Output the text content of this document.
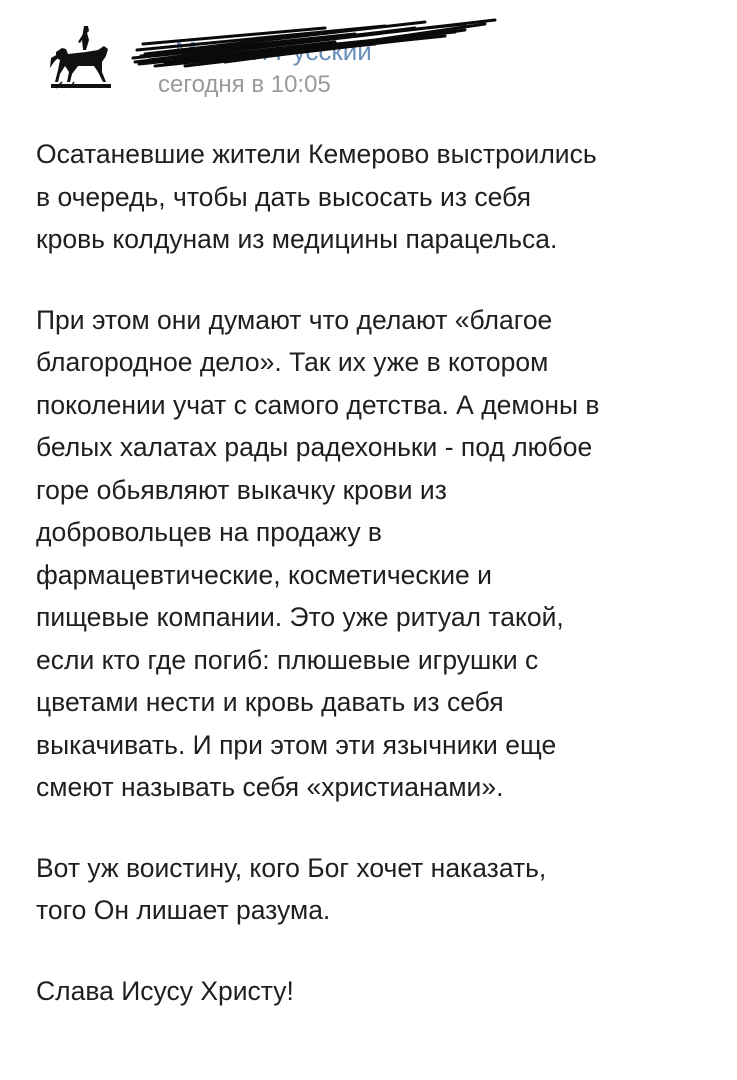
Михаил Русский
сегодня в 10:05

Осатаневшие жители Кемерово выстроились
в очередь, чтобы дать высосать из себя
кровь колдунам из медицины парацельса.

При этом они думают что делают «благое
благородное дело». Так их уже в котором
поколении учат с самого детства. А демоны в
белых халатах рады радехоньки - под любое
горе обьявляют выкачку крови из
добровольцев на продажу в
фармацевтические, косметические и
пищевые компании. Это уже ритуал такой,
если кто где погиб: плюшевые игрушки с
цветами нести и кровь давать из себя
выкачивать. И при этом эти язычники еще
смеют называть себя «христианами».

Вот уж воистину, кого Бог хочет наказать,
того Он лишает разума.

Слава Исусу Христу!
